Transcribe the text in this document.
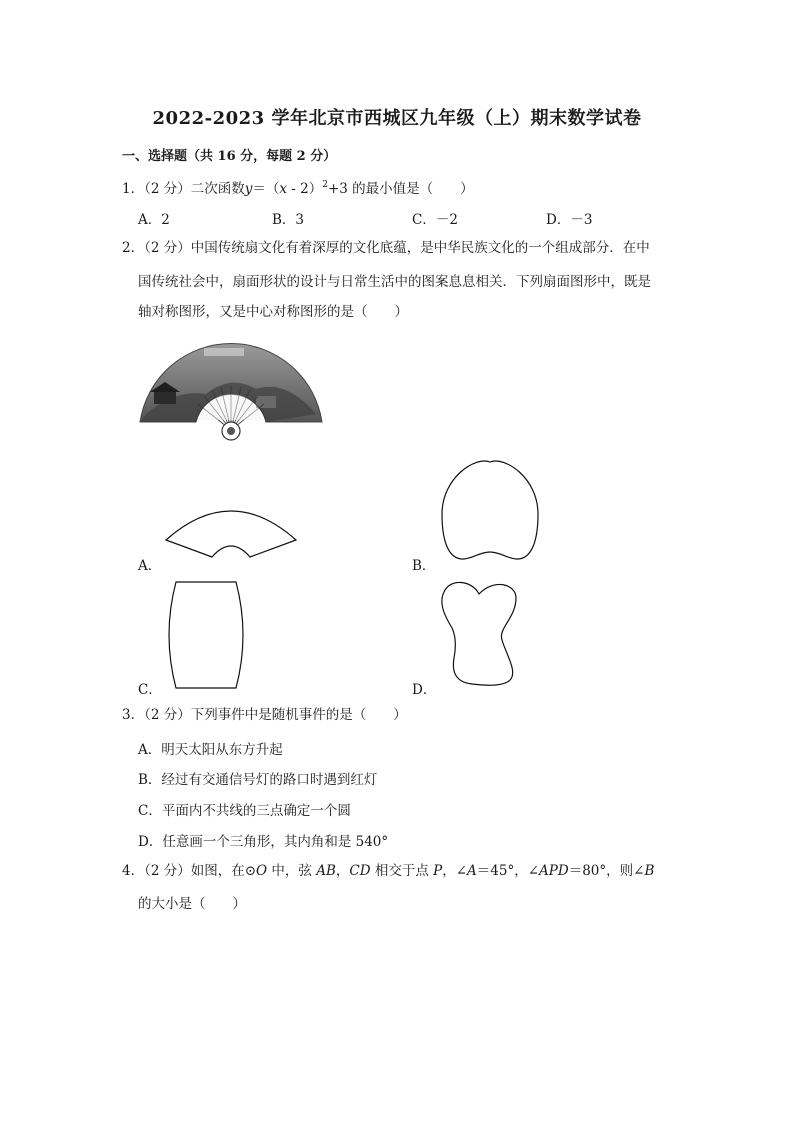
2022-2023 学年北京市西城区九年级（上）期末数学试卷
一、选择题（共 16 分，每题 2 分）
1．（2 分）二次函数y＝（x - 2）$^2$+3 的最小值是（　　）
A．2	B．3	C．－2	D．－3
2．（2 分）中国传统扇文化有着深厚的文化底蕴，是中华民族文化的一个组成部分．在中
国传统社会中，扇面形状的设计与日常生活中的图案息息相关．下列扇面图形中，既是
轴对称图形，又是中心对称图形的是（　　）
A．	B．
C．	D．
3．（2 分）下列事件中是随机事件的是（　　）
A．明天太阳从东方升起
B．经过有交通信号灯的路口时遇到红灯
C．平面内不共线的三点确定一个圆
D．任意画一个三角形，其内角和是 540°
4．（2 分）如图，在⊙O 中，弦 AB，CD 相交于点 P，∠A＝45°，∠APD＝80°，则∠B
的大小是（　　）
